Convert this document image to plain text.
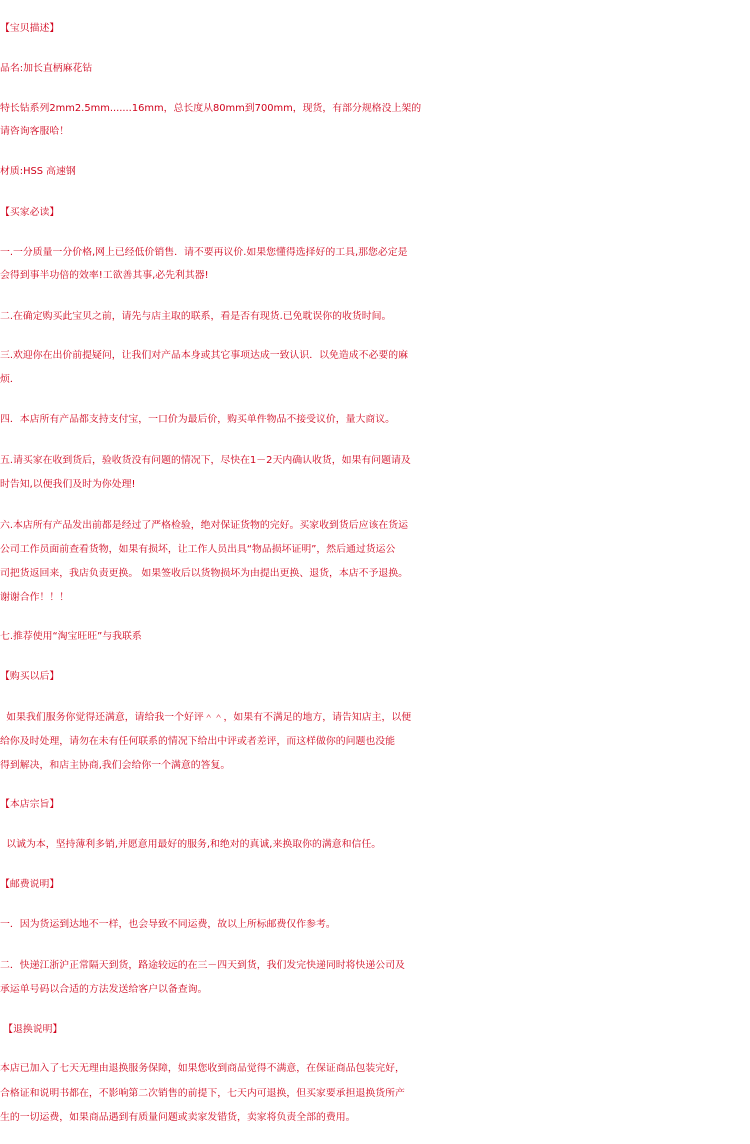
【宝贝描述】
品名:加长直柄麻花钻
特长钻系列2mm2.5mm.......16mm，总长度从80mm到700mm，现货，有部分规格没上架的
请咨询客服哈！
材质:HSS 高速钢
【买家必读】
一.一分质量一分价格,网上已经低价销售．请不要再议价.如果您懂得选择好的工具,那您必定是
会得到事半功倍的效率!工欲善其事,必先利其器!
二.在确定购买此宝贝之前，请先与店主取的联系，看是否有现货.已免耽误你的收货时间。
三.欢迎你在出价前提疑问，让我们对产品本身或其它事项达成一致认识．以免造成不必要的麻
烦．
四．本店所有产品都支持支付宝，一口价为最后价，购买单件物品不接受议价，量大商议。
五.请买家在收到货后，验收货没有问题的情况下，尽快在1－2天内确认收货，如果有问题请及
时告知,以便我们及时为你处理!
六.本店所有产品发出前都是经过了严格检验，绝对保证货物的完好。买家收到货后应该在货运
公司工作员面前查看货物，如果有损坏，让工作人员出具“物品损坏证明”，然后通过货运公
司把货返回来，我店负责更换。 如果签收后以货物损坏为由提出更换、退货，本店不予退换。
谢谢合作！！！
七.推荐使用“淘宝旺旺”与我联系
【购买以后】
如果我们服务你觉得还满意，请给我一个好评＾＾，如果有不满足的地方，请告知店主，以便
给你及时处理，请勿在未有任何联系的情况下给出中评或者差评，而这样做你的问题也没能
得到解决，和店主协商,我们会给你一个满意的答复。
【本店宗旨】
以诚为本，坚持薄利多销,并愿意用最好的服务,和绝对的真诚,来换取你的满意和信任。
【邮费说明】
一．因为货运到达地不一样，也会导致不同运费，故以上所标邮费仅作参考。
二．快递江浙沪正常隔天到货，路途较远的在三－四天到货，我们发完快递同时将快递公司及
承运单号码以合适的方法发送给客户以备查询。
【退换说明】
本店已加入了七天无理由退换服务保障，如果您收到商品觉得不满意，在保证商品包装完好，
合格证和说明书都在，不影响第二次销售的前提下，七天内可退换，但买家要承担退换货所产
生的一切运费，如果商品遇到有质量问题或卖家发错货，卖家将负责全部的费用。
